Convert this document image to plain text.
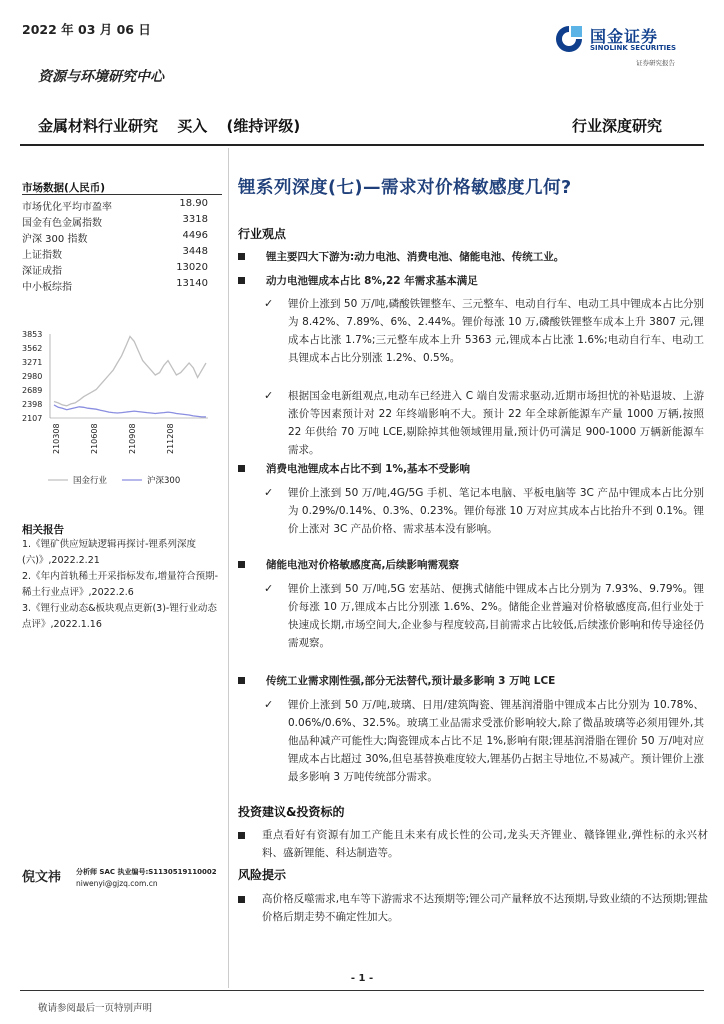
2022 年 03 月 06 日	国金证券
SINOLINK SECURITIES
证券研究报告
资源与环境研究中心
金属材料行业研究 买入 (维持评级)	行业深度研究
市场数据(人民币)
市场优化平均市盈率	18.90
国金有色金属指数	3318
沪深 300 指数	4496
上证指数	3448
深证成指	13020
中小板综指	13140
3853
3562
3271
2980
2689
2398
2107
210308	210608	210908	211208
国金行业	沪深300
相关报告
1.《锂矿供应短缺逻辑再探讨-锂系列深度(六)》,2022.2.21
2.《年内首轨稀土开采指标发布,增量符合预期-稀土行业点评》,2022.2.6
3.《锂行业动态&板块观点更新(3)-锂行业动态点评》,2022.1.16
倪文祎 分析师 SAC 执业编号:S1130519110002
niwenyi@gjzq.com.cn
锂系列深度(七)—需求对价格敏感度几何?
行业观点
锂主要四大下游为:动力电池、消费电池、储能电池、传统工业。
动力电池锂成本占比 8%,22 年需求基本满足
✓ 锂价上涨到 50 万/吨,磷酸铁锂整车、三元整车、电动自行车、电动工具中锂成本占比分别为 8.42%、7.89%、6%、2.44%。锂价每涨 10 万,磷酸铁锂整车成本上升 3807 元,锂成本占比涨 1.7%;三元整车成本上升 5363 元,锂成本占比涨 1.6%;电动自行车、电动工具锂成本占比分别涨 1.2%、0.5%。
✓ 根据国金电新组观点,电动车已经进入 C 端自发需求驱动,近期市场担忧的补贴退坡、上游涨价等因素预计对 22 年终端影响不大。预计 22 年全球新能源车产量 1000 万辆,按照 22 年供给 70 万吨 LCE,剔除掉其他领域锂用量,预计仍可满足 900-1000 万辆新能源车需求。
消费电池锂成本占比不到 1%,基本不受影响
✓ 锂价上涨到 50 万/吨,4G/5G 手机、笔记本电脑、平板电脑等 3C 产品中锂成本占比分别为 0.29%/0.14%、0.3%、0.23%。锂价每涨 10 万对应其成本占比抬升不到 0.1%。锂价上涨对 3C 产品价格、需求基本没有影响。
储能电池对价格敏感度高,后续影响需观察
✓ 锂价上涨到 50 万/吨,5G 宏基站、便携式储能中锂成本占比分别为 7.93%、9.79%。锂价每涨 10 万,锂成本占比分别涨 1.6%、2%。储能企业普遍对价格敏感度高,但行业处于快速成长期,市场空间大,企业参与程度较高,目前需求占比较低,后续涨价影响和传导途径仍需观察。
传统工业需求刚性强,部分无法替代,预计最多影响 3 万吨 LCE
✓ 锂价上涨到 50 万/吨,玻璃、日用/建筑陶瓷、锂基润滑脂中锂成本占比分别为 10.78%、0.06%/0.6%、32.5%。玻璃工业品需求受涨价影响较大,除了微晶玻璃等必须用锂外,其他品种减产可能性大;陶瓷锂成本占比不足 1%,影响有限;锂基润滑脂在锂价 50 万/吨对应锂成本占比超过 30%,但皂基替换难度较大,锂基仍占据主导地位,不易减产。预计锂价上涨最多影响 3 万吨传统部分需求。
投资建议&投资标的
重点看好有资源有加工产能且未来有成长性的公司,龙头天齐锂业、赣锋锂业,弹性标的永兴材料、盛新锂能、科达制造等。
风险提示
高价格反噬需求,电车等下游需求不达预期等;锂公司产量释放不达预期,导致业绩的不达预期;锂盐价格后期走势不确定性加大。
- 1 -
敬请参阅最后一页特别声明
